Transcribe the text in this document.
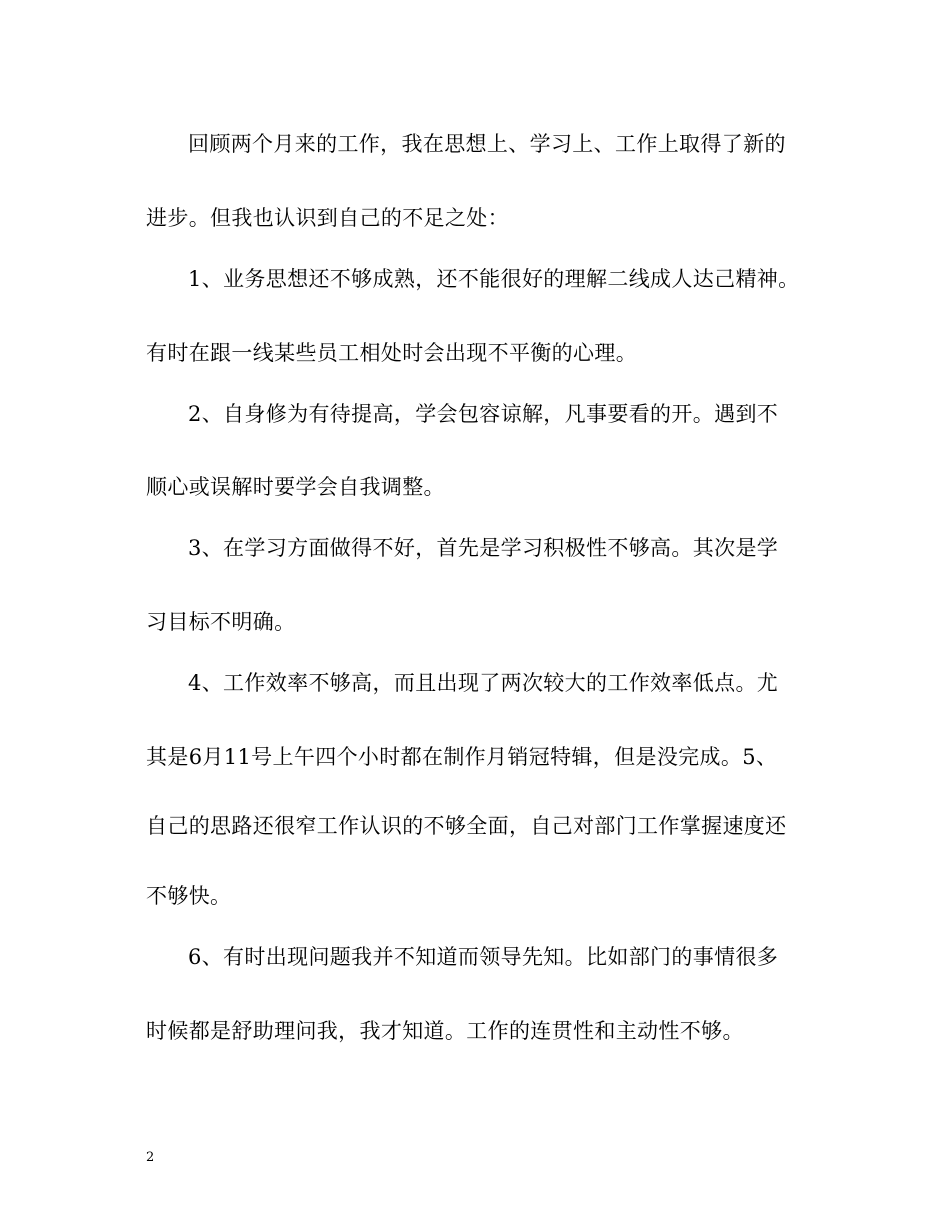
回顾两个月来的工作，我在思想上、学习上、工作上取得了新的
进步。但我也认识到自己的不足之处：
1、业务思想还不够成熟，还不能很好的理解二线成人达己精神。
有时在跟一线某些员工相处时会出现不平衡的心理。
2、自身修为有待提高，学会包容谅解，凡事要看的开。遇到不
顺心或误解时要学会自我调整。
3、在学习方面做得不好，首先是学习积极性不够高。其次是学
习目标不明确。
4、工作效率不够高，而且出现了两次较大的工作效率低点。尤
其是6月11号上午四个小时都在制作月销冠特辑，但是没完成。5、
自己的思路还很窄工作认识的不够全面，自己对部门工作掌握速度还
不够快。
6、有时出现问题我并不知道而领导先知。比如部门的事情很多
时候都是舒助理问我，我才知道。工作的连贯性和主动性不够。
2
